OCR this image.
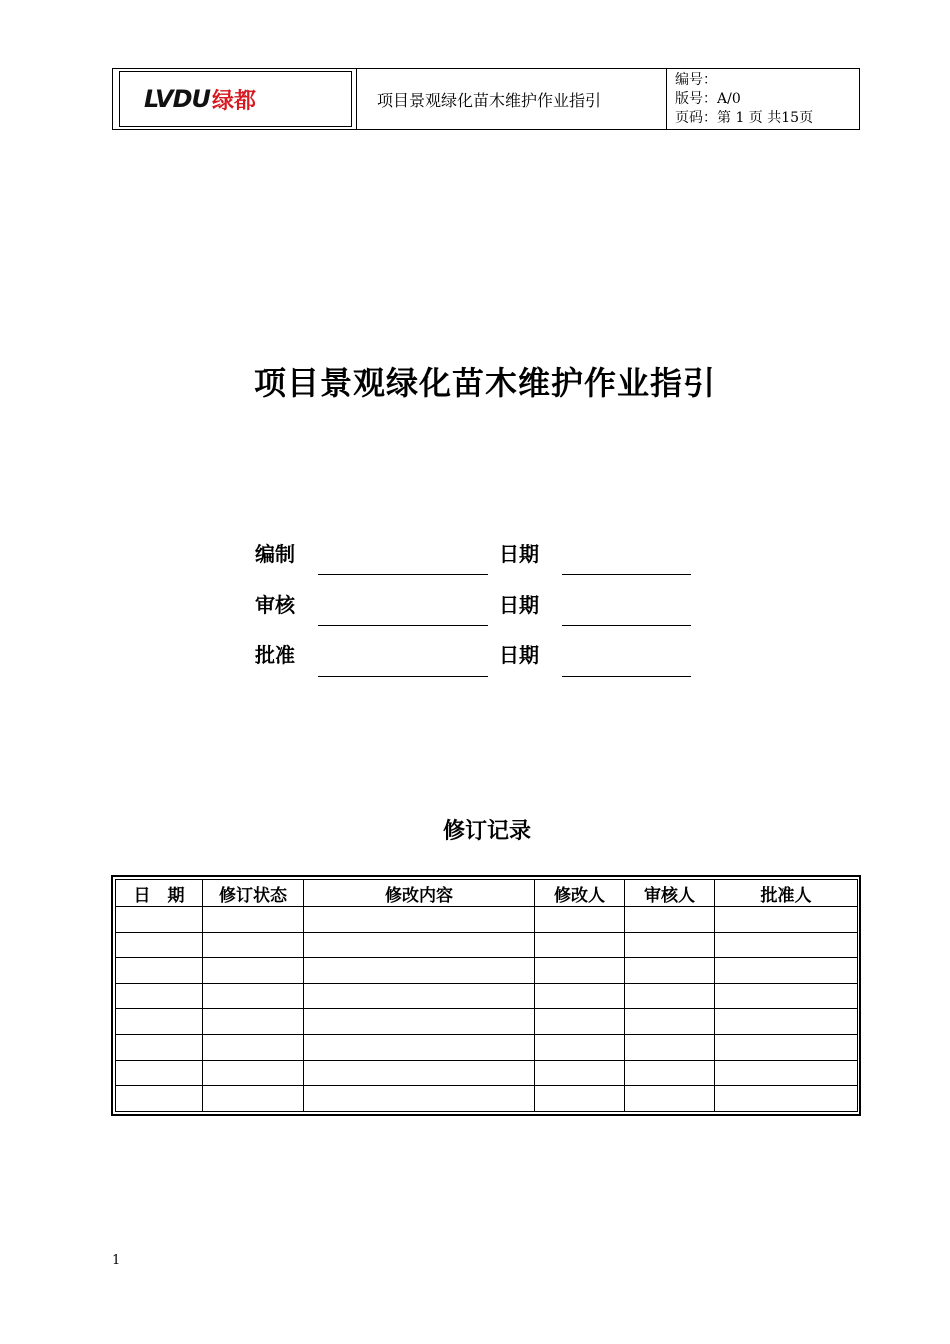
LVDU 绿都	项目景观绿化苗木维护作业指引
编号：
版号：A/0
页码：第 1 页 共15页
项目景观绿化苗木维护作业指引
编制	日期
审核	日期
批准	日期
修订记录
日　期	修订状态	修改内容	修改人	审核人	批准人

1
